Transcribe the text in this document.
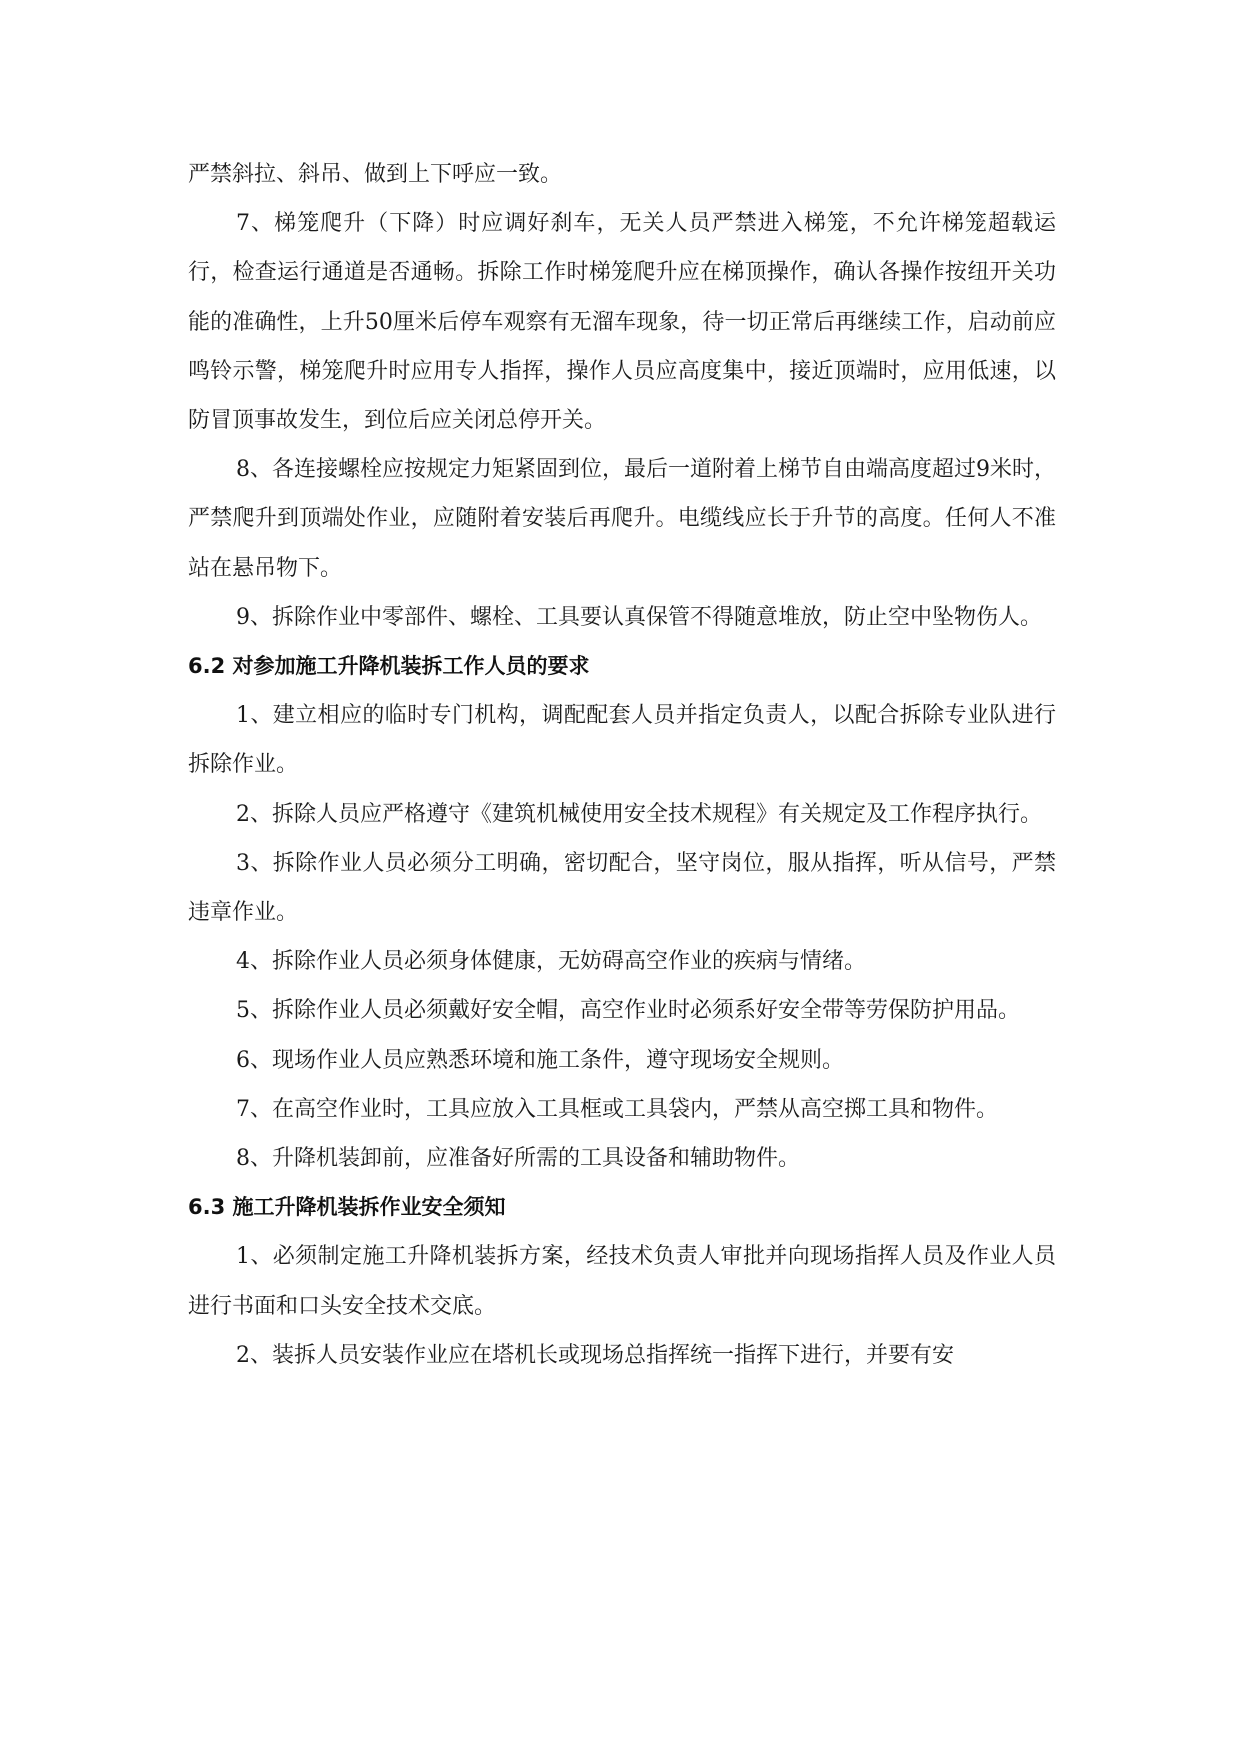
严禁斜拉、斜吊、做到上下呼应一致。

7、梯笼爬升（下降）时应调好刹车，无关人员严禁进入梯笼，不允许梯笼超载运行，检查运行通道是否通畅。拆除工作时梯笼爬升应在梯顶操作，确认各操作按纽开关功能的准确性，上升50厘米后停车观察有无溜车现象，待一切正常后再继续工作，启动前应鸣铃示警，梯笼爬升时应用专人指挥，操作人员应高度集中，接近顶端时，应用低速，以防冒顶事故发生，到位后应关闭总停开关。

8、各连接螺栓应按规定力矩紧固到位，最后一道附着上梯节自由端高度超过9米时，严禁爬升到顶端处作业，应随附着安装后再爬升。电缆线应长于升节的高度。任何人不准站在悬吊物下。

9、拆除作业中零部件、螺栓、工具要认真保管不得随意堆放，防止空中坠物伤人。

6.2 对参加施工升降机装拆工作人员的要求

1、建立相应的临时专门机构，调配配套人员并指定负责人，以配合拆除专业队进行拆除作业。

2、拆除人员应严格遵守《建筑机械使用安全技术规程》有关规定及工作程序执行。

3、拆除作业人员必须分工明确，密切配合，坚守岗位，服从指挥，听从信号，严禁违章作业。

4、拆除作业人员必须身体健康，无妨碍高空作业的疾病与情绪。

5、拆除作业人员必须戴好安全帽，高空作业时必须系好安全带等劳保防护用品。

6、现场作业人员应熟悉环境和施工条件，遵守现场安全规则。

7、在高空作业时，工具应放入工具框或工具袋内，严禁从高空掷工具和物件。

8、升降机装卸前，应准备好所需的工具设备和辅助物件。

6.3 施工升降机装拆作业安全须知

1、必须制定施工升降机装拆方案，经技术负责人审批并向现场指挥人员及作业人员进行书面和口头安全技术交底。

2、装拆人员安装作业应在塔机长或现场总指挥统一指挥下进行，并要有安
